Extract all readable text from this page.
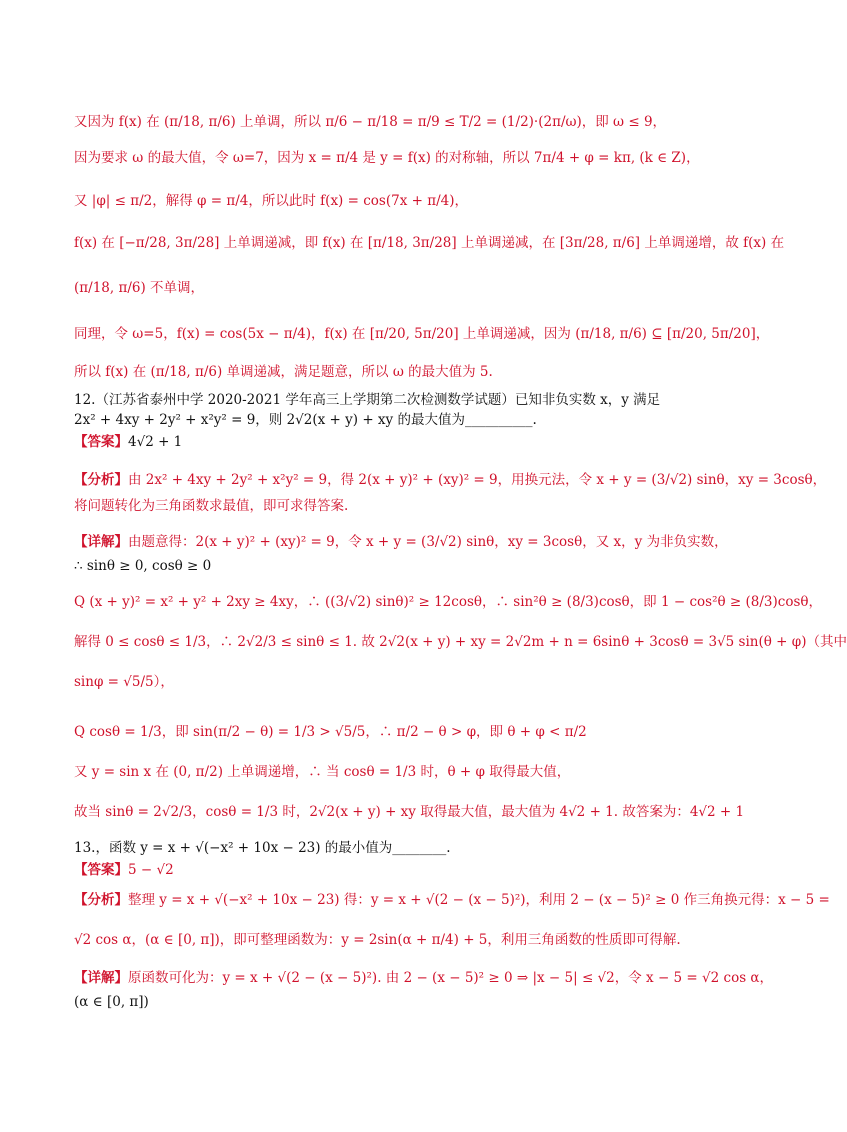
又因为 f(x) 在 (π/18, π/6) 上单调，所以 π/6 − π/18 = π/9 ≤ T/2 = (1/2)·(2π/ω)，即 ω ≤ 9，
因为要求 ω 的最大值，令 ω=7，因为 x = π/4 是 y = f(x) 的对称轴，所以 7π/4 + φ = kπ, (k ∈ Z)，
又 |φ| ≤ π/2，解得 φ = π/4，所以此时 f(x) = cos(7x + π/4)，
f(x) 在 [−π/28, 3π/28] 上单调递减，即 f(x) 在 [π/18, 3π/28] 上单调递减，在 [3π/28, π/6] 上单调递增，故 f(x) 在
(π/18, π/6) 不单调，
同理，令 ω=5，f(x) = cos(5x − π/4)，f(x) 在 [π/20, 5π/20] 上单调递减，因为 (π/18, π/6) ⊆ [π/20, 5π/20]，
所以 f(x) 在 (π/18, π/6) 单调递减，满足题意，所以 ω 的最大值为 5.
12.（江苏省泰州中学 2020-2021 学年高三上学期第二次检测数学试题）已知非负实数 x，y 满足
2x² + 4xy + 2y² + x²y² = 9，则 2√2(x + y) + xy 的最大值为__________.
【答案】4√2 + 1
【分析】由 2x² + 4xy + 2y² + x²y² = 9，得 2(x + y)² + (xy)² = 9，用换元法，令 x + y = (3/√2) sinθ，xy = 3cosθ，
将问题转化为三角函数求最值，即可求得答案.
【详解】由题意得：2(x + y)² + (xy)² = 9，令 x + y = (3/√2) sinθ，xy = 3cosθ，又 x，y 为非负实数，
∴ sinθ ≥ 0, cosθ ≥ 0
Q (x + y)² = x² + y² + 2xy ≥ 4xy，∴ ((3/√2) sinθ)² ≥ 12cosθ，∴ sin²θ ≥ (8/3)cosθ，即 1 − cos²θ ≥ (8/3)cosθ，
解得 0 ≤ cosθ ≤ 1/3，∴ 2√2/3 ≤ sinθ ≤ 1. 故 2√2(x + y) + xy = 2√2m + n = 6sinθ + 3cosθ = 3√5 sin(θ + φ)（其中
sinφ = √5/5），
Q cosθ = 1/3，即 sin(π/2 − θ) = 1/3 > √5/5，∴ π/2 − θ > φ，即 θ + φ < π/2
又 y = sin x 在 (0, π/2) 上单调递增，∴ 当 cosθ = 1/3 时，θ + φ 取得最大值，
故当 sinθ = 2√2/3，cosθ = 1/3 时，2√2(x + y) + xy 取得最大值，最大值为 4√2 + 1. 故答案为：4√2 + 1
13.，函数 y = x + √(−x² + 10x − 23) 的最小值为________.
【答案】5 − √2
【分析】整理 y = x + √(−x² + 10x − 23) 得：y = x + √(2 − (x − 5)²)，利用 2 − (x − 5)² ≥ 0 作三角换元得：x − 5 =
√2 cos α，(α ∈ [0, π])，即可整理函数为：y = 2sin(α + π/4) + 5，利用三角函数的性质即可得解.
【详解】原函数可化为：y = x + √(2 − (x − 5)²). 由 2 − (x − 5)² ≥ 0 ⇒ |x − 5| ≤ √2，令 x − 5 = √2 cos α，
(α ∈ [0, π])
